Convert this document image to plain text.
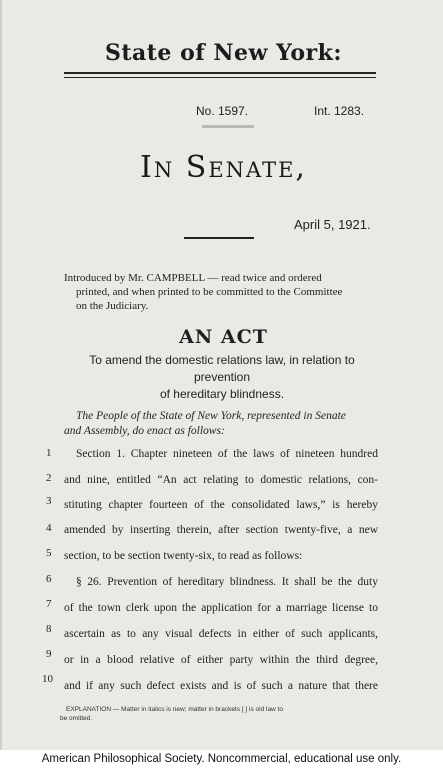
State of New York:
No. 1597.	Int. 1283.
In Senate,
April 5, 1921.
Introduced by Mr. CAMPBELL — read twice and ordered
printed, and when printed to be committed to the Committee
on the Judiciary.
AN ACT
To amend the domestic relations law, in relation to prevention
of hereditary blindness.
The People of the State of New York, represented in Senate
and Assembly, do enact as follows:
1	Section 1. Chapter nineteen of the laws of nineteen hundred
2 and nine, entitled “An act relating to domestic relations, con-
3 stituting chapter fourteen of the consolidated laws,” is hereby
4 amended by inserting therein, after section twenty-five, a new
5 section, to be section twenty-six, to read as follows:
6	§ 26. Prevention of hereditary blindness. It shall be the duty
7 of the town clerk upon the application for a marriage license to
8 ascertain as to any visual defects in either of such applicants,
9 or in a blood relative of either party within the third degree,
10
and if any such defect exists and is of such a nature that there
EXPLANATION — Matter in italics is new; matter in brackets [ ] is old law to
be omitted.
American Philosophical Society. Noncommercial, educational use only.
